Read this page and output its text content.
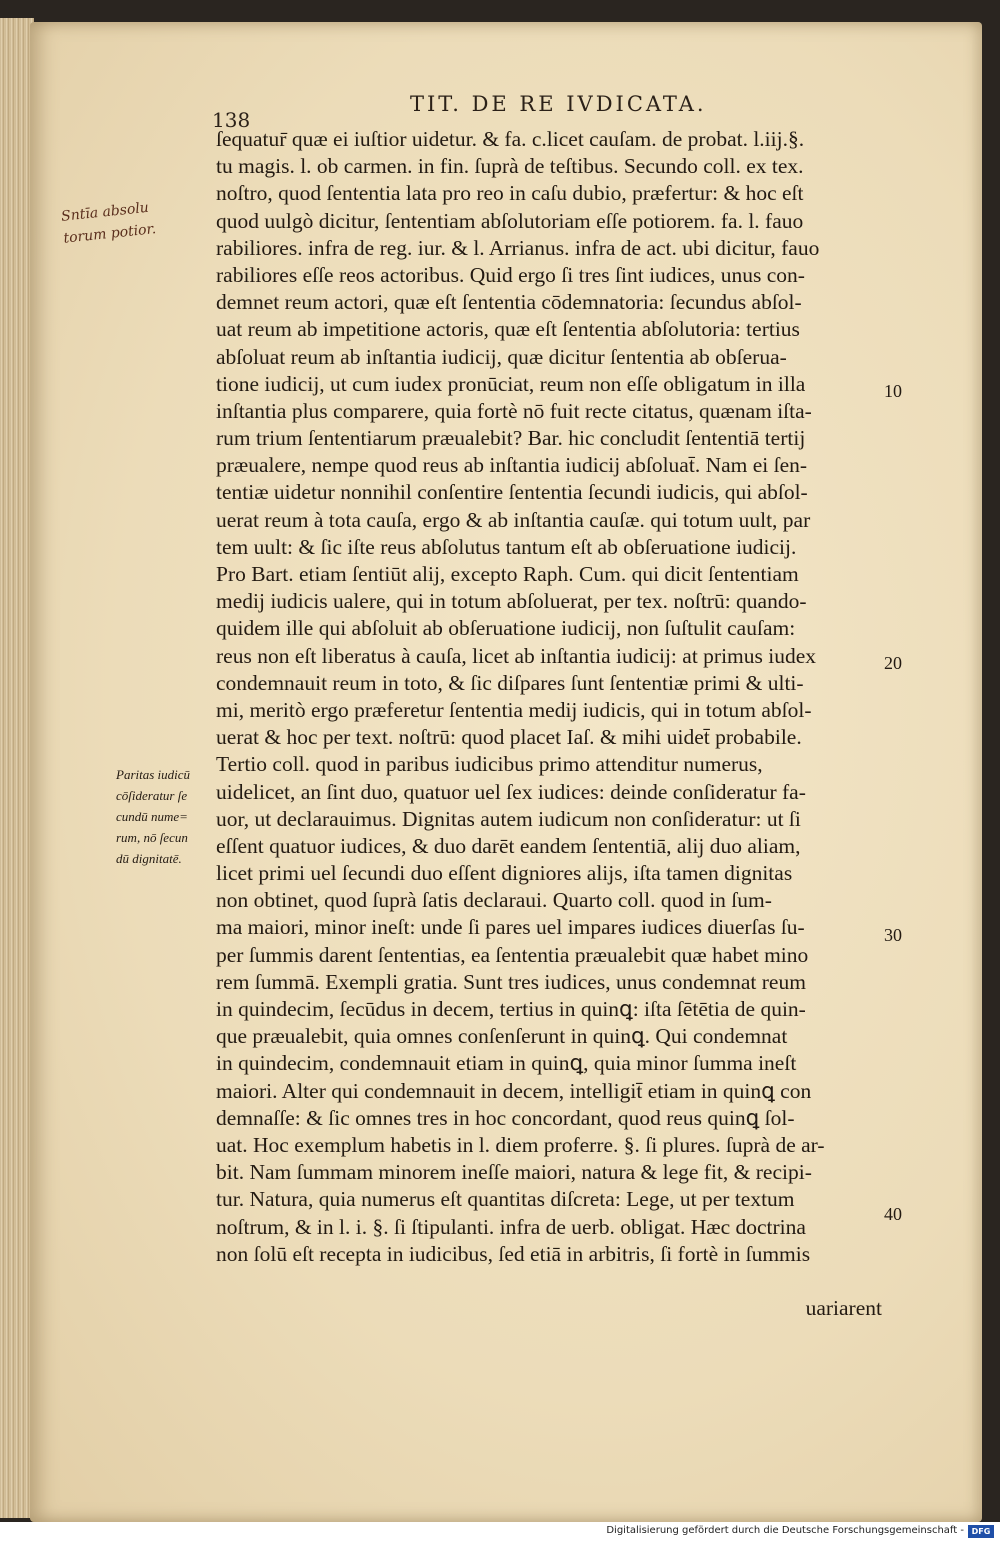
138
TIT. DE RE IVDICATA.
Sntīa absolu
torum potior.
Paritas iudicū
cōſideratur ſe
cundū nume=
rum, nō ſecun
dū dignitatē.
ſequatur̄ quæ ei iuſtior uidetur. & fa. c.licet cauſam. de probat. l.iij.§.
tu magis. l. ob carmen. in fin. ſuprà de teſtibus. Secundo coll. ex tex.
noſtro, quod ſententia lata pro reo in caſu dubio, præfertur: & hoc eſt
quod uulgò dicitur, ſententiam abſolutoriam eſſe potiorem. fa. l. fauo
rabiliores. infra de reg. iur. & l. Arrianus. infra de act. ubi dicitur, fauo
rabiliores eſſe reos actoribus. Quid ergo ſi tres ſint iudices, unus con-
demnet reum actori, quæ eſt ſententia cōdemnatoria: ſecundus abſol-
uat reum ab impetitione actoris, quæ eſt ſententia abſolutoria: tertius
abſoluat reum ab inſtantia iudicij, quæ dicitur ſententia ab obſerua-
tione iudicij, ut cum iudex pronūciat, reum non eſſe obligatum in illa
inſtantia plus comparere, quia fortè nō fuit recte citatus, quænam iſta-
rum trium ſententiarum præualebit? Bar. hic concludit ſententiā tertij
præualere, nempe quod reus ab inſtantia iudicij abſoluat̄. Nam ei ſen-
tentiæ uidetur nonnihil conſentire ſententia ſecundi iudicis, qui abſol-
uerat reum à tota cauſa, ergo & ab inſtantia cauſæ. qui totum uult, par
tem uult: & ſic iſte reus abſolutus tantum eſt ab obſeruatione iudicij.
Pro Bart. etiam ſentiūt alij, excepto Raph. Cum. qui dicit ſententiam
medij iudicis ualere, qui in totum abſoluerat, per tex. noſtrū: quando-
quidem ille qui abſoluit ab obſeruatione iudicij, non ſuſtulit cauſam:
reus non eſt liberatus à cauſa, licet ab inſtantia iudicij: at primus iudex
condemnauit reum in toto, & ſic diſpares ſunt ſententiæ primi & ulti-
mi, meritò ergo præferetur ſententia medij iudicis, qui in totum abſol-
uerat & hoc per text. noſtrū: quod placet Iaſ. & mihi uidet̄ probabile.
Tertio coll. quod in paribus iudicibus primo attenditur numerus,
uidelicet, an ſint duo, quatuor uel ſex iudices: deinde conſideratur fa-
uor, ut declarauimus. Dignitas autem iudicum non conſideratur: ut ſi
eſſent quatuor iudices, & duo darēt eandem ſententiā, alij duo aliam,
licet primi uel ſecundi duo eſſent digniores alijs, iſta tamen dignitas
non obtinet, quod ſuprà ſatis declaraui. Quarto coll. quod in ſum-
ma maiori, minor ineſt: unde ſi pares uel impares iudices diuerſas ſu-
per ſummis darent ſententias, ea ſententia præualebit quæ habet mino
rem ſummā. Exempli gratia. Sunt tres iudices, unus condemnat reum
in quindecim, ſecūdus in decem, tertius in quinꝗ: iſta ſētētia de quin-
que præualebit, quia omnes conſenſerunt in quinꝗ. Qui condemnat
in quindecim, condemnauit etiam in quinꝗ, quia minor ſumma ineſt
maiori. Alter qui condemnauit in decem, intelligit̄ etiam in quinꝗ con
demnaſſe: & ſic omnes tres in hoc concordant, quod reus quinꝗ ſol-
uat. Hoc exemplum habetis in l. diem proferre. §. ſi plures. ſuprà de ar-
bit. Nam ſummam minorem ineſſe maiori, natura & lege fit, & recipi-
tur. Natura, quia numerus eſt quantitas diſcreta: Lege, ut per textum
noſtrum, & in l. i. §. ſi ſtipulanti. infra de uerb. obligat. Hæc doctrina
non ſolū eſt recepta in iudicibus, ſed etiā in arbitris, ſi fortè in ſummis
uariarent
10
20
30
40
Digitalisierung gefördert durch die Deutsche Forschungsgemeinschaft - DFG
